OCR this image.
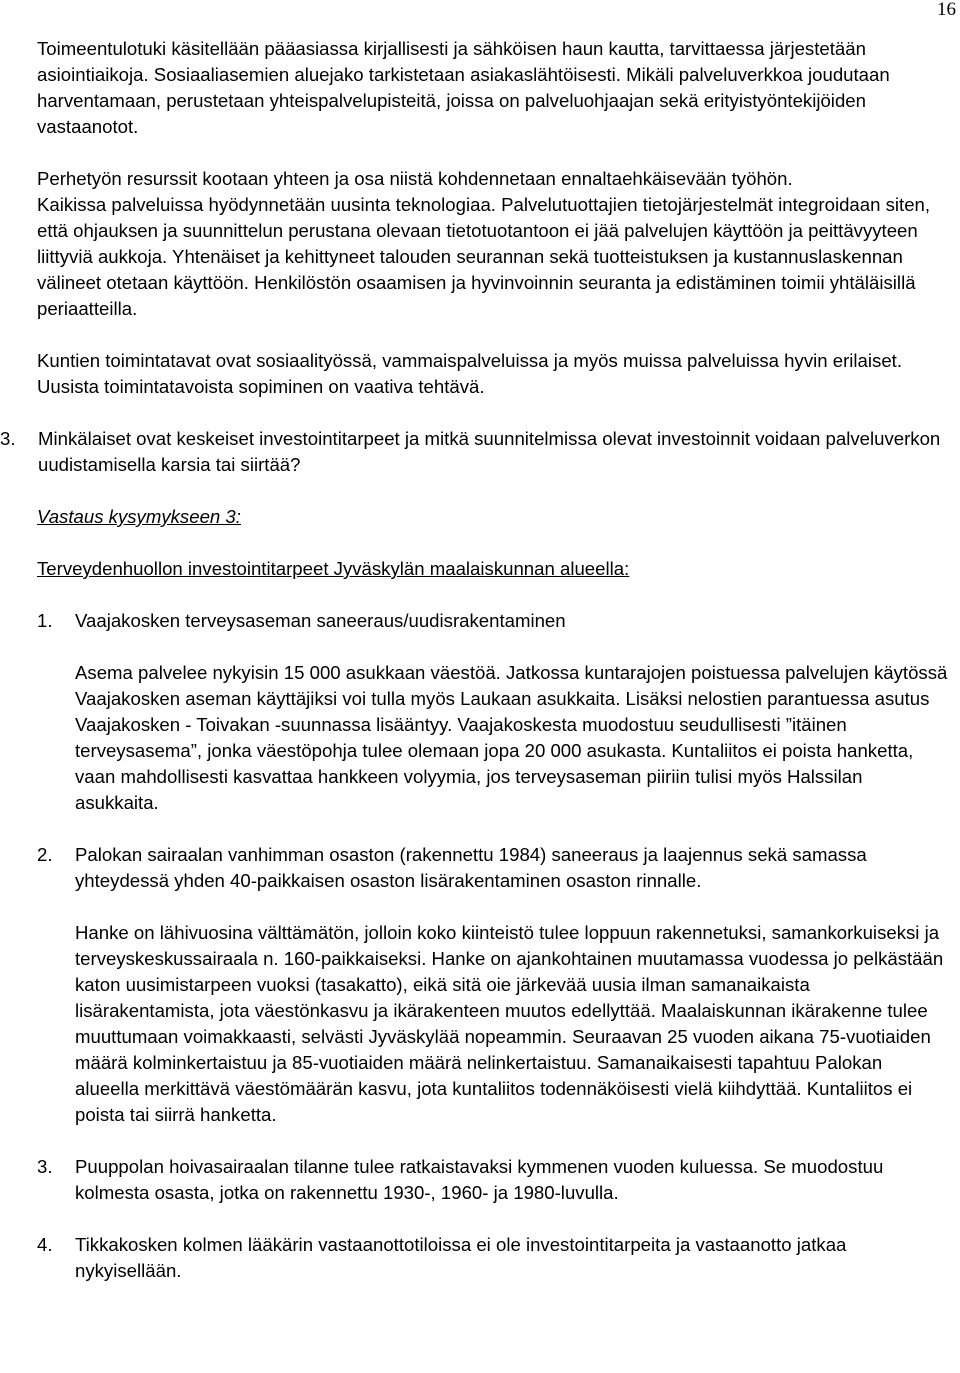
16

Toimeentulotuki käsitellään pääasiassa kirjallisesti ja sähköisen haun kautta, tarvittaessa järjestetään asiointiaikoja. Sosiaaliasemien aluejako tarkistetaan asiakaslähtöisesti. Mikäli palveluverkkoa joudutaan harventamaan, perustetaan yhteispalvelupisteitä, joissa on palveluohjaajan sekä erityistyöntekijöiden vastaanotot.

Perhetyön resurssit kootaan yhteen ja osa niistä kohdennetaan ennaltaehkäisevään työhön.

Kaikissa palveluissa hyödynnetään uusinta teknologiaa. Palvelutuottajien tietojärjestelmät integroidaan siten, että ohjauksen ja suunnittelun perustana olevaan tietotuotantoon ei jää palvelujen käyttöön ja peittävyyteen liittyviä aukkoja. Yhtenäiset ja kehittyneet talouden seurannan sekä tuotteistuksen ja kustannuslaskennan välineet otetaan käyttöön. Henkilöstön osaamisen ja hyvinvoinnin seuranta ja edistäminen toimii yhtäläisillä periaatteilla.

Kuntien toimintatavat ovat sosiaalityössä, vammaispalveluissa ja myös muissa palveluissa hyvin erilaiset. Uusista toimintatavoista sopiminen on vaativa tehtävä.

3.	Minkälaiset ovat keskeiset investointitarpeet ja mitkä suunnitelmissa olevat investoinnit voidaan palveluverkon uudistamisella karsia tai siirtää?

Vastaus kysymykseen 3:

Terveydenhuollon investointitarpeet Jyväskylän maalaiskunnan alueella:

1.	Vaajakosken terveysaseman saneeraus/uudisrakentaminen

Asema palvelee nykyisin 15 000 asukkaan väestöä. Jatkossa kuntarajojen poistuessa palvelujen käytössä Vaajakosken aseman käyttäjiksi voi tulla myös Laukaan asukkaita. Lisäksi nelostien parantuessa asutus Vaajakosken - Toivakan -suunnassa lisääntyy. Vaajakoskesta muodostuu seudullisesti ”itäinen terveysasema”, jonka väestöpohja tulee olemaan jopa 20 000 asukasta. Kuntaliitos ei poista hanketta, vaan mahdollisesti kasvattaa hankkeen volyymia, jos terveysaseman piiriin tulisi myös Halssilan asukkaita.

2.	Palokan sairaalan vanhimman osaston (rakennettu 1984) saneeraus ja laajennus sekä samassa yhteydessä yhden 40-paikkaisen osaston lisärakentaminen osaston rinnalle.

Hanke on lähivuosina välttämätön, jolloin koko kiinteistö tulee loppuun rakennetuksi, samankorkuiseksi ja terveyskeskussairaala n. 160-paikkaiseksi. Hanke on ajankohtainen muutamassa vuodessa jo pelkästään katon uusimistarpeen vuoksi (tasakatto), eikä sitä oie järkevää uusia ilman samanaikaista lisärakentamista, jota väestönkasvu ja ikärakenteen muutos edellyttää. Maalaiskunnan ikärakenne tulee muuttumaan voimakkaasti, selvästi Jyväskylää nopeammin. Seuraavan 25 vuoden aikana 75-vuotiaiden määrä kolminkertaistuu ja 85-vuotiaiden määrä nelinkertaistuu. Samanaikaisesti tapahtuu Palokan alueella merkittävä väestömäärän kasvu, jota kuntaliitos todennäköisesti vielä kiihdyttää. Kuntaliitos ei poista tai siirrä hanketta.

3.	Puuppolan hoivasairaalan tilanne tulee ratkaistavaksi kymmenen vuoden kuluessa. Se muodostuu kolmesta osasta, jotka on rakennettu 1930-, 1960- ja 1980-luvulla.
4.	Tikkakosken kolmen lääkärin vastaanottotiloissa ei ole investointitarpeita ja vastaanotto jatkaa nykyisellään.
